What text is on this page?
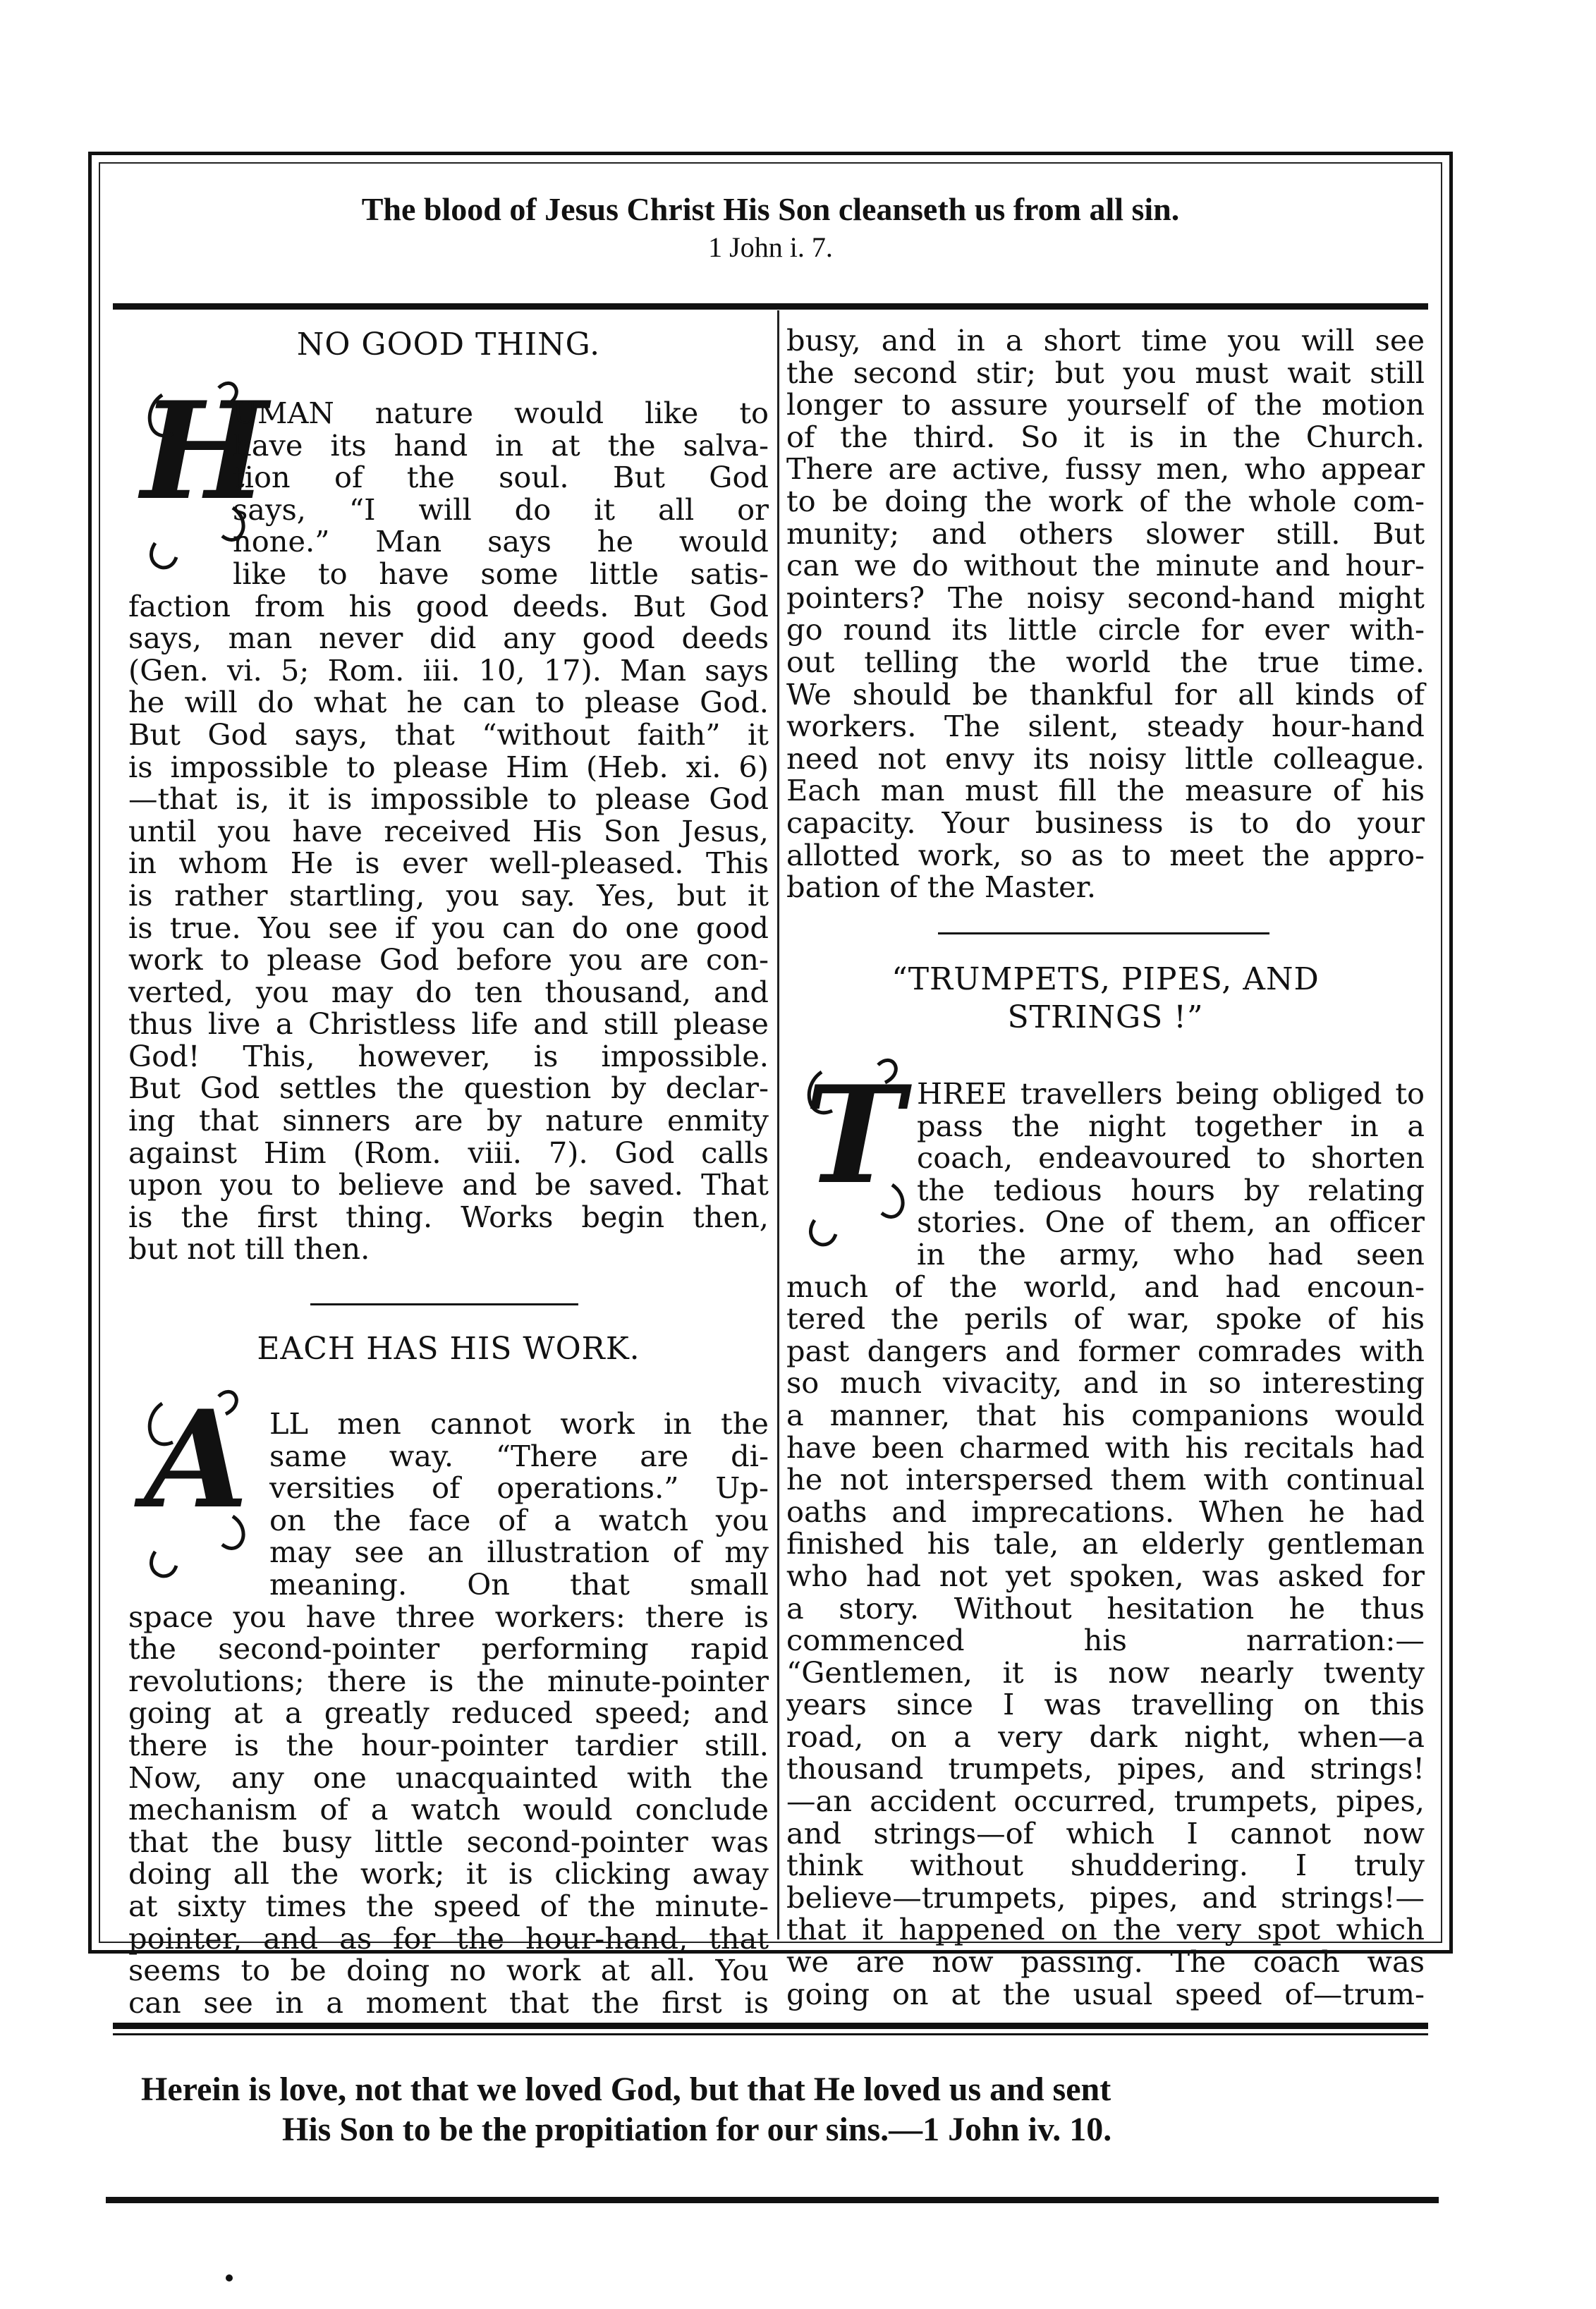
The blood of Jesus Christ His Son cleanseth us from all sin.
1 John i. 7.
NO GOOD THING.
H
UMAN nature would like to
have its hand in at the salva-
tion of the soul. But God
says, “I will do it all or
none.” Man says he would
like to have some little satis-
faction from his good deeds. But God
says, man never did any good deeds
(Gen. vi. 5; Rom. iii. 10, 17). Man says
he will do what he can to please God.
But God says, that “without faith” it
is impossible to please Him (Heb. xi. 6)
—that is, it is impossible to please God
until you have received His Son Jesus,
in whom He is ever well-pleased. This
is rather startling, you say. Yes, but it
is true. You see if you can do one good
work to please God before you are con-
verted, you may do ten thousand, and
thus live a Christless life and still please
God! This, however, is impossible.
But God settles the question by declar-
ing that sinners are by nature enmity
against Him (Rom. viii. 7). God calls
upon you to believe and be saved. That
is the first thing. Works begin then,
but not till then.
EACH HAS HIS WORK.
A LL men cannot work in the
same way. “There are di-
versities of operations.” Up-
on the face of a watch you
may see an illustration of my
meaning. On that small
space you have three workers: there is
the second-pointer performing rapid
revolutions; there is the minute-pointer
going at a greatly reduced speed; and
there is the hour-pointer tardier still.
Now, any one unacquainted with the
mechanism of a watch would conclude
that the busy little second-pointer was
doing all the work; it is clicking away
at sixty times the speed of the minute-
pointer, and as for the hour-hand, that
seems to be doing no work at all. You
can see in a moment that the first is
busy, and in a short time you will see
the second stir; but you must wait still
longer to assure yourself of the motion
of the third. So it is in the Church.
There are active, fussy men, who appear
to be doing the work of the whole com-
munity; and others slower still. But
can we do without the minute and hour-
pointers? The noisy second-hand might
go round its little circle for ever with-
out telling the world the true time.
We should be thankful for all kinds of
workers. The silent, steady hour-hand
need not envy its noisy little colleague.
Each man must fill the measure of his
capacity. Your business is to do your
allotted work, so as to meet the appro-
bation of the Master.
“TRUMPETS, PIPES, AND
STRINGS !”
T HREE travellers being obliged to
pass the night together in a
coach, endeavoured to shorten
the tedious hours by relating
stories. One of them, an officer
in the army, who had seen
much of the world, and had encoun-
tered the perils of war, spoke of his
past dangers and former comrades with
so much vivacity, and in so interesting
a manner, that his companions would
have been charmed with his recitals had
he not interspersed them with continual
oaths and imprecations. When he had
finished his tale, an elderly gentleman
who had not yet spoken, was asked for
a story. Without hesitation he thus
commenced his narration:—
“Gentlemen, it is now nearly twenty
years since I was travelling on this
road, on a very dark night, when—a
thousand trumpets, pipes, and strings!
—an accident occurred, trumpets, pipes,
and strings—of which I cannot now
think without shuddering. I truly
believe—trumpets, pipes, and strings!—
that it happened on the very spot which
we are now passing. The coach was
going on at the usual speed of—trum-
Herein is love, not that we loved God, but that He loved us and sent
His Son to be the propitiation for our sins.—1 John iv. 10.
